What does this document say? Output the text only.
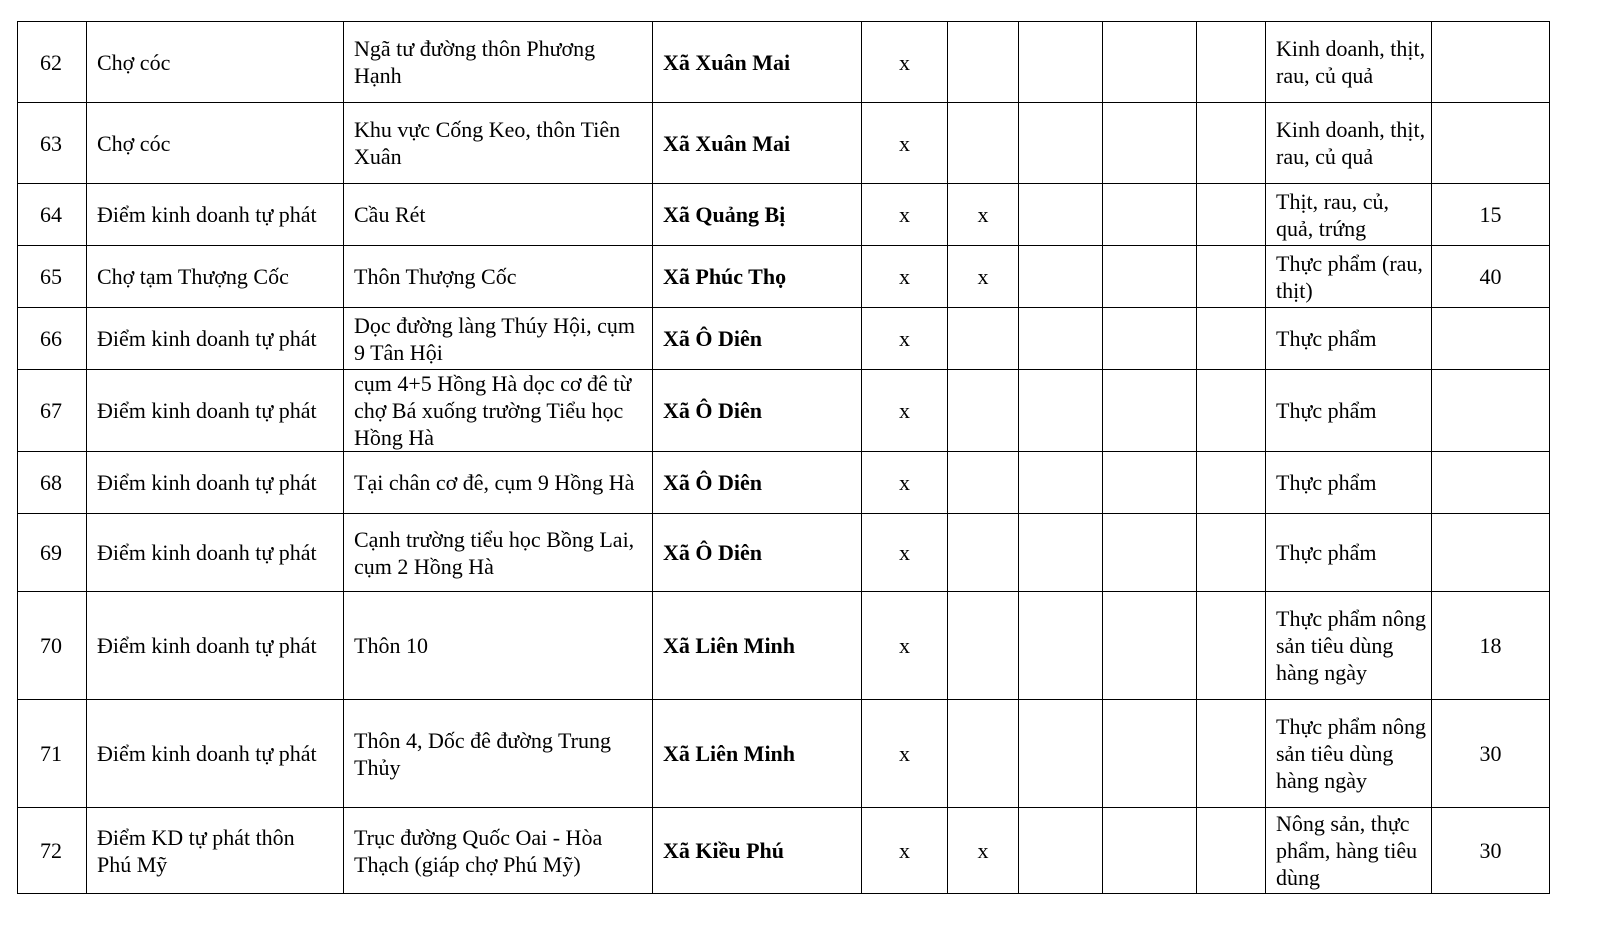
62	Chợ cóc	Ngã tư đường thôn Phương Hạnh	Xã Xuân Mai	x					Kinh doanh, thịt, rau, củ quả	
63	Chợ cóc	Khu vực Cống Keo, thôn Tiên Xuân	Xã Xuân Mai	x					Kinh doanh, thịt, rau, củ quả	
64	Điểm kinh doanh tự phát	Cầu Rét	Xã Quảng Bị	x	x				Thịt, rau, củ, quả, trứng	15
65	Chợ tạm Thượng Cốc	Thôn Thượng Cốc	Xã Phúc Thọ	x	x				Thực phẩm (rau, thịt)	40
66	Điểm kinh doanh tự phát	Dọc đường làng Thúy Hội, cụm 9 Tân Hội	Xã Ô Diên	x					Thực phẩm	
67	Điểm kinh doanh tự phát	cụm 4+5 Hồng Hà dọc cơ đê từ chợ Bá xuống trường Tiểu học Hồng Hà	Xã Ô Diên	x					Thực phẩm	
68	Điểm kinh doanh tự phát	Tại chân cơ đê, cụm 9 Hồng Hà	Xã Ô Diên	x					Thực phẩm	
69	Điểm kinh doanh tự phát	Cạnh trường tiểu học Bồng Lai, cụm 2 Hồng Hà	Xã Ô Diên	x					Thực phẩm	
70	Điểm kinh doanh tự phát	Thôn 10	Xã Liên Minh	x					Thực phẩm nông sản tiêu dùng hàng ngày	18
71	Điểm kinh doanh tự phát	Thôn 4, Dốc đê đường Trung Thủy	Xã Liên Minh	x					Thực phẩm nông sản tiêu dùng hàng ngày	30
72	Điểm KD tự phát thôn Phú Mỹ	Trục đường Quốc Oai - Hòa Thạch (giáp chợ Phú Mỹ)	Xã Kiều Phú	x	x				Nông sản, thực phẩm, hàng tiêu dùng	30
